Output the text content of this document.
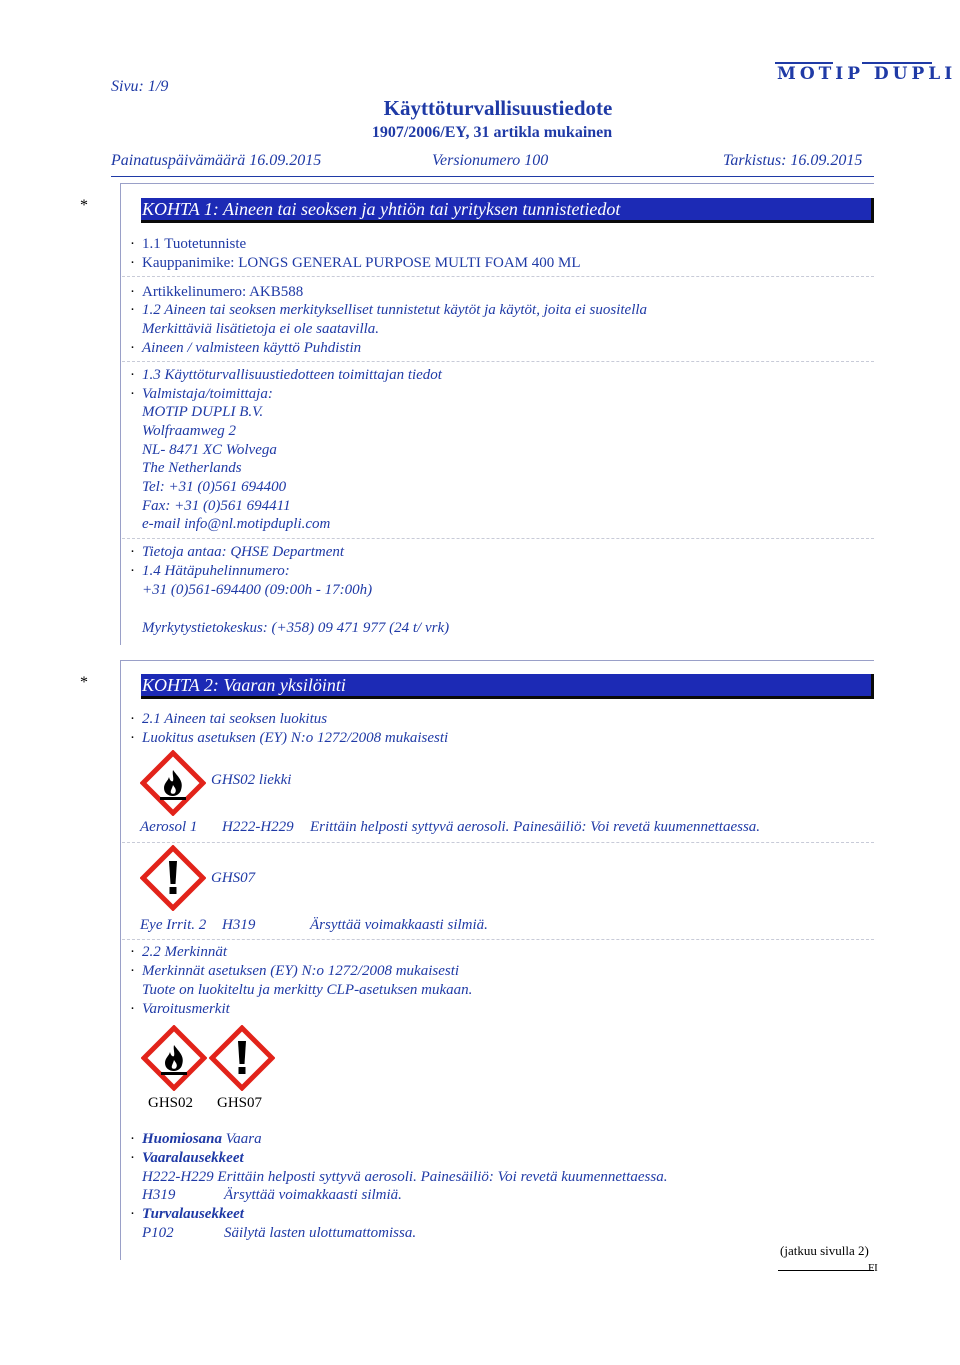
Sivu: 1/9
Käyttöturvallisuustiedote
1907/2006/EY, 31 artikla mukainen
MOTIP DUPLI
Painatuspäivämäärä 16.09.2015	Versionumero 100	Tarkistus: 16.09.2015
*	KOHTA 1: Aineen tai seoksen ja yhtiön tai yrityksen tunnistetiedot
· 1.1 Tuotetunniste
· Kauppanimike: LONGS GENERAL PURPOSE MULTI FOAM 400 ML
· Artikkelinumero: AKB588
· 1.2 Aineen tai seoksen merkitykselliset tunnistetut käytöt ja käytöt, joita ei suositella
Merkittäviä lisätietoja ei ole saatavilla.
· Aineen / valmisteen käyttö Puhdistin
· 1.3 Käyttöturvallisuustiedotteen toimittajan tiedot
· Valmistaja/toimittaja:
MOTIP DUPLI B.V.
Wolfraamweg 2
NL- 8471 XC Wolvega
The Netherlands
Tel: +31 (0)561 694400
Fax: +31 (0)561 694411
e-mail info@nl.motipdupli.com
· Tietoja antaa: QHSE Department
· 1.4 Hätäpuhelinnumero:
+31 (0)561-694400 (09:00h - 17:00h)
Myrkytystietokeskus: (+358) 09 471 977 (24 t/ vrk)
*	KOHTA 2: Vaaran yksilöinti
· 2.1 Aineen tai seoksen luokitus
· Luokitus asetuksen (EY) N:o 1272/2008 mukaisesti
GHS02 liekki
Aerosol 1 H222-H229 Erittäin helposti syttyvä aerosoli. Painesäiliö: Voi revetä kuumennettaessa.
GHS07
Eye Irrit. 2 H319	Ärsyttää voimakkaasti silmiä.
· 2.2 Merkinnät
· Merkinnät asetuksen (EY) N:o 1272/2008 mukaisesti
Tuote on luokiteltu ja merkitty CLP-asetuksen mukaan.
· Varoitusmerkit
GHS02 GHS07
· Huomiosana Vaara
· Vaaralausekkeet
H222-H229 Erittäin helposti syttyvä aerosoli. Painesäiliö: Voi revetä kuumennettaessa.
H319	Ärsyttää voimakkaasti silmiä.
· Turvalausekkeet
P102	Säilytä lasten ulottumattomissa.
(jatkuu sivulla 2)
FI
